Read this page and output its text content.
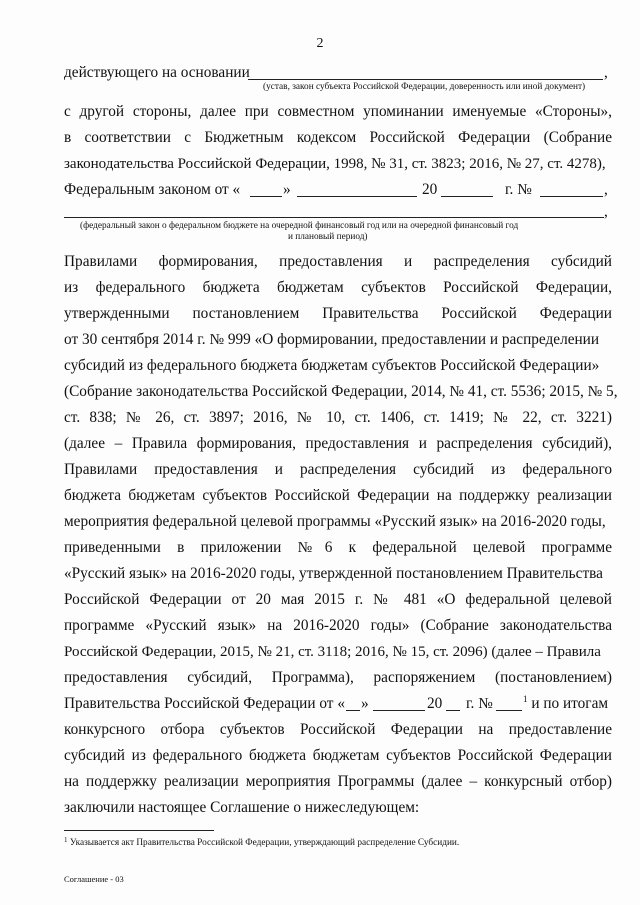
2
действующего на основании	,
(устав, закон субъекта Российской Федерации, доверенность или иной документ)
с другой стороны, далее при совместном упоминании именуемые «Стороны»,
в соответствии с Бюджетным кодексом Российской Федерации (Собрание
законодательства Российской Федерации, 1998, № 31, ст. 3823; 2016, № 27, ст. 4278),
Федеральным законом от «	»	20	г. №	,
,
(федеральный закон о федеральном бюджете на очередной финансовый год или на очередной финансовый год
и плановый период)
Правилами формирования, предоставления и распределения субсидий
из федерального бюджета бюджетам субъектов Российской Федерации,
утвержденными постановлением Правительства Российской Федерации
от 30 сентября 2014 г. № 999 «О формировании, предоставлении и распределении
субсидий из федерального бюджета бюджетам субъектов Российской Федерации»
(Собрание законодательства Российской Федерации, 2014, № 41, ст. 5536; 2015, № 5,
ст. 838; № 26, ст. 3897; 2016, № 10, ст. 1406, ст. 1419; № 22, ст. 3221)
(далее – Правила формирования, предоставления и распределения субсидий),
Правилами предоставления и распределения субсидий из федерального
бюджета бюджетам субъектов Российской Федерации на поддержку реализации
мероприятия федеральной целевой программы «Русский язык» на 2016-2020 годы,
приведенными в приложении №6 к федеральной целевой программе
«Русский язык» на 2016-2020 годы, утвержденной постановлением Правительства
Российской Федерации от 20 мая 2015 г. № 481 «О федеральной целевой
программе «Русский язык» на 2016-2020 годы» (Собрание законодательства
Российской Федерации, 2015, № 21, ст. 3118; 2016, № 15, ст. 2096) (далее – Правила
предоставления субсидий, Программа), распоряжением (постановлением)
Правительства Российской Федерации от «	»	20	г. №	$^1$ и по итогам
конкурсного отбора субъектов Российской Федерации на предоставление
субсидий из федерального бюджета бюджетам субъектов Российской Федерации
на поддержку реализации мероприятия Программы (далее – конкурсный отбор)
заключили настоящее Соглашение о нижеследующем:
$^1$ Указывается акт Правительства Российской Федерации, утверждающий распределение Субсидии.
Соглашение - 03
